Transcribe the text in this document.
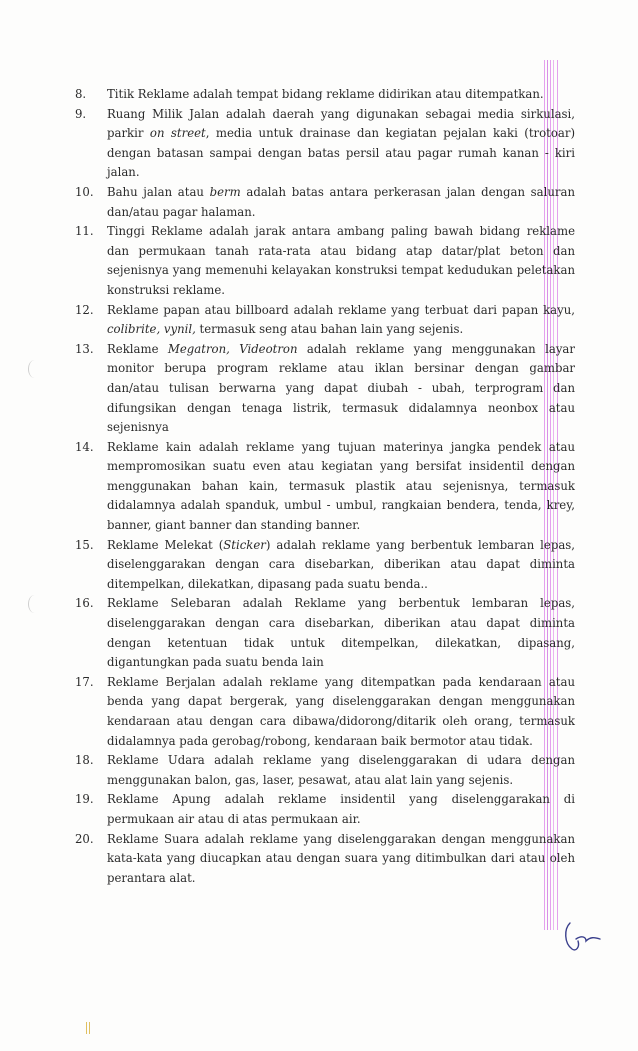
8.	Titik Reklame adalah tempat bidang reklame didirikan atau ditempatkan.
9.	Ruang Milik Jalan adalah daerah yang digunakan sebagai media sirkulasi, parkir on street, media untuk drainase dan kegiatan pejalan kaki (trotoar) dengan batasan sampai dengan batas persil atau pagar rumah kanan - kiri jalan.
10.	Bahu jalan atau berm adalah batas antara perkerasan jalan dengan saluran dan/atau pagar halaman.
11.	Tinggi Reklame adalah jarak antara ambang paling bawah bidang reklame dan permukaan tanah rata-rata atau bidang atap datar/plat beton dan sejenisnya yang memenuhi kelayakan konstruksi tempat kedudukan peletakan konstruksi reklame.
12.	Reklame papan atau billboard adalah reklame yang terbuat dari papan kayu, colibrite, vynil, termasuk seng atau bahan lain yang sejenis.
13.	Reklame Megatron, Videotron adalah reklame yang menggunakan layar monitor berupa program reklame atau iklan bersinar dengan gambar dan/atau tulisan berwarna yang dapat diubah - ubah, terprogram dan difungsikan dengan tenaga listrik, termasuk didalamnya neonbox atau sejenisnya
14.	Reklame kain adalah reklame yang tujuan materinya jangka pendek atau mempromosikan suatu even atau kegiatan yang bersifat insidentil dengan menggunakan bahan kain, termasuk plastik atau sejenisnya, termasuk didalamnya adalah spanduk, umbul - umbul, rangkaian bendera, tenda, krey, banner, giant banner dan standing banner.
15.	Reklame Melekat (Sticker) adalah reklame yang berbentuk lembaran lepas, diselenggarakan dengan cara disebarkan, diberikan atau dapat diminta ditempelkan, dilekatkan, dipasang pada suatu benda..
16.	Reklame Selebaran adalah Reklame yang berbentuk lembaran lepas, diselenggarakan dengan cara disebarkan, diberikan atau dapat diminta dengan ketentuan tidak untuk ditempelkan, dilekatkan, dipasang, digantungkan pada suatu benda lain
17.	Reklame Berjalan adalah reklame yang ditempatkan pada kendaraan atau benda yang dapat bergerak, yang diselenggarakan dengan menggunakan kendaraan atau dengan cara dibawa/didorong/ditarik oleh orang, termasuk didalamnya pada gerobag/robong, kendaraan baik bermotor atau tidak.
18.	Reklame Udara adalah reklame yang diselenggarakan di udara dengan menggunakan balon, gas, laser, pesawat, atau alat lain yang sejenis.
19.	Reklame Apung adalah reklame insidentil yang diselenggarakan di permukaan air atau di atas permukaan air.
20.	Reklame Suara adalah reklame yang diselenggarakan dengan menggunakan kata-kata yang diucapkan atau dengan suara yang ditimbulkan dari atau oleh perantara alat.
